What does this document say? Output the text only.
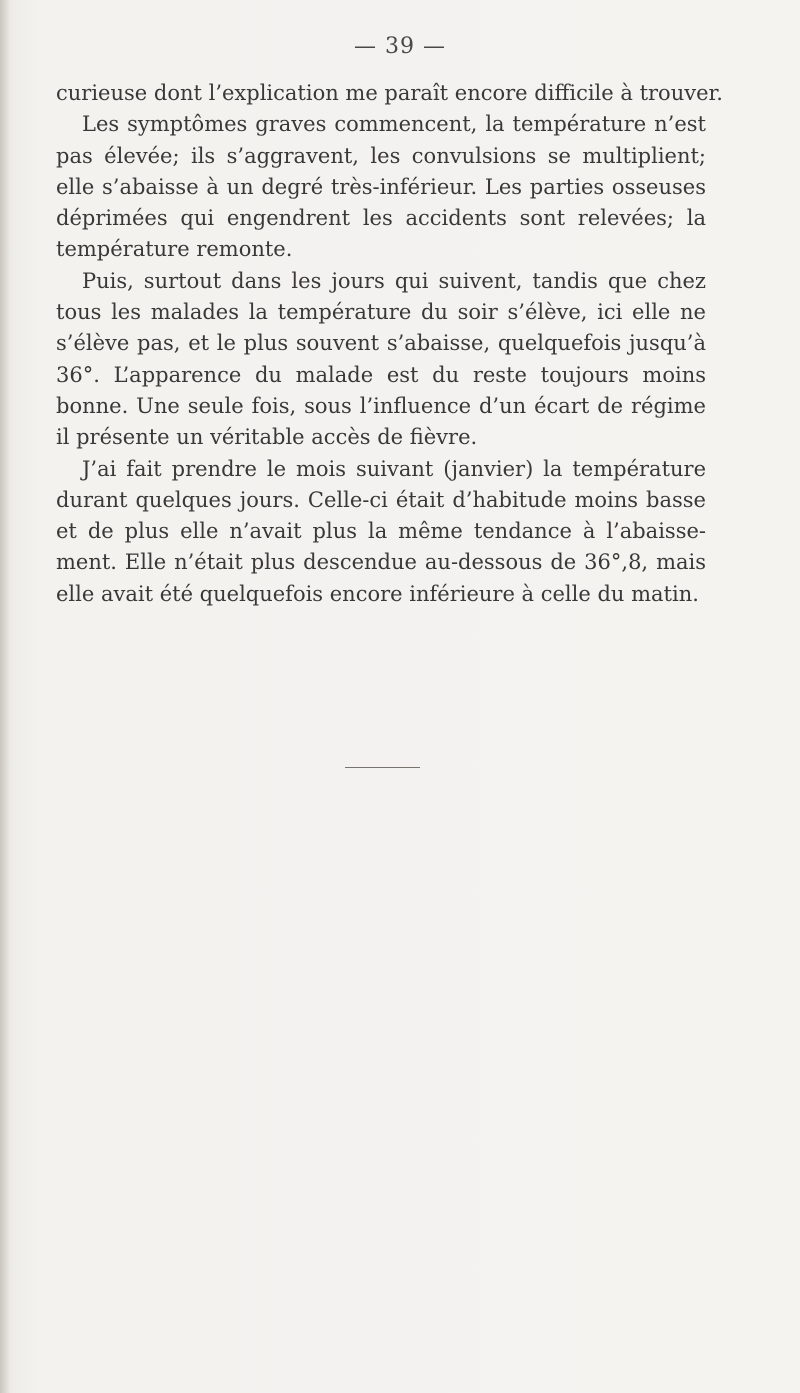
— 39 —
curieuse dont l’explication me paraît encore difficile à trouver.
Les symptômes graves commencent, la température n’est
pas élevée; ils s’aggravent, les convulsions se multiplient;
elle s’abaisse à un degré très-inférieur. Les parties osseuses
déprimées qui engendrent les accidents sont relevées; la
température remonte.
Puis, surtout dans les jours qui suivent, tandis que chez
tous les malades la température du soir s’élève, ici elle ne
s’élève pas, et le plus souvent s’abaisse, quelquefois jusqu’à
36°. L’apparence du malade est du reste toujours moins
bonne. Une seule fois, sous l’influence d’un écart de régime
il présente un véritable accès de fièvre.
J’ai fait prendre le mois suivant (janvier) la température
durant quelques jours. Celle-ci était d’habitude moins basse
et de plus elle n’avait plus la même tendance à l’abaisse-
ment. Elle n’était plus descendue au-dessous de 36°,8, mais
elle avait été quelquefois encore inférieure à celle du matin.
